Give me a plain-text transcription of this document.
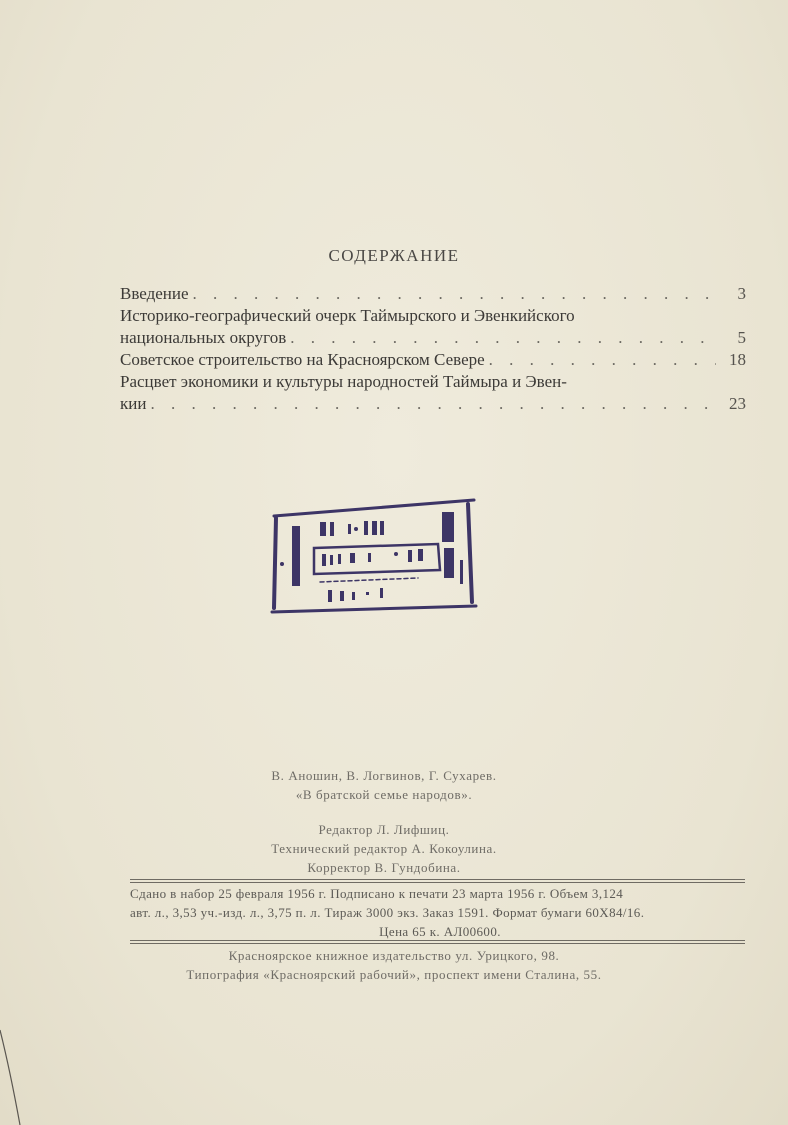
СОДЕРЖАНИЕ
Введение . . .	3
Историко-географический очерк Таймырского и Эвенкийского
национальных округов . . .	5
Советское строительство на Красноярском Севере . . .	18
Расцвет экономики и культуры народностей Таймыра и Эвен-
кии . . .	23
В. Аношин, В. Логвинов, Г. Сухарев.
«В братской семье народов».
Редактор Л. Лифшиц.
Технический редактор А. Кокоулина.
Корректор В. Гундобина.
Сдано в набор 25 февраля 1956 г. Подписано к печати 23 марта 1956 г. Объем 3,124
авт. л., 3,53 уч.-изд. л., 3,75 п. л. Тираж 3000 экз. Заказ 1591. Формат бумаги 60X84/16.
Цена 65 к. АЛ00600.
Красноярское книжное издательство ул. Урицкого, 98.
Типография «Красноярский рабочий», проспект имени Сталина, 55.
